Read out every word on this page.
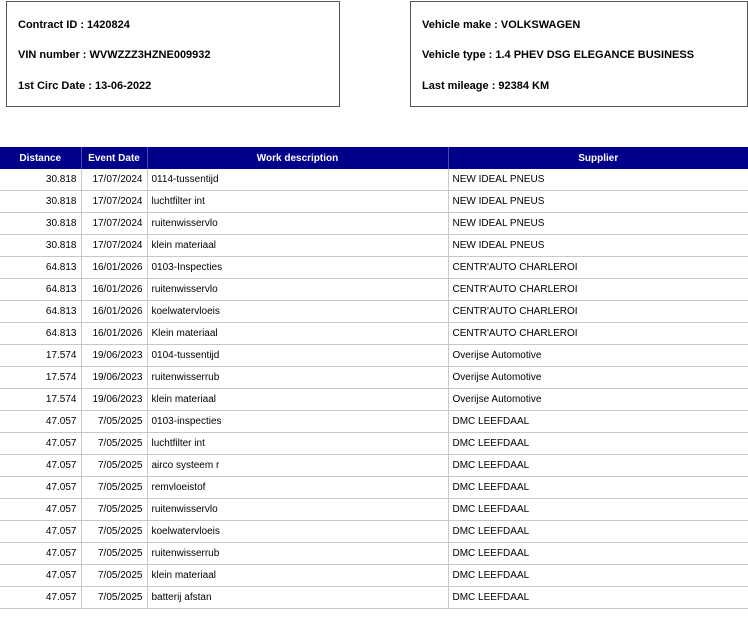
Contract ID : 1420824
VIN number : WVWZZZ3HZNE009932
1st Circ Date : 13-06-2022
Vehicle make : VOLKSWAGEN
Vehicle type : 1.4 PHEV DSG ELEGANCE BUSINESS
Last mileage : 92384 KM
Distance	Event Date	Work description	Supplier
30.818	17/07/2024	0114-tussentijd	NEW IDEAL PNEUS
30.818	17/07/2024	luchtfilter int	NEW IDEAL PNEUS
30.818	17/07/2024	ruitenwisservlo	NEW IDEAL PNEUS
30.818	17/07/2024	klein materiaal	NEW IDEAL PNEUS
64.813	16/01/2026	0103-Inspecties	CENTR'AUTO CHARLEROI
64.813	16/01/2026	ruitenwisservlo	CENTR'AUTO CHARLEROI
64.813	16/01/2026	koelwatervloeis	CENTR'AUTO CHARLEROI
64.813	16/01/2026	Klein materiaal	CENTR'AUTO CHARLEROI
17.574	19/06/2023	0104-tussentijd	Overijse Automotive
17.574	19/06/2023	ruitenwisserrub	Overijse Automotive
17.574	19/06/2023	klein materiaal	Overijse Automotive
47.057	7/05/2025	0103-inspecties	DMC LEEFDAAL
47.057	7/05/2025	luchtfilter int	DMC LEEFDAAL
47.057	7/05/2025	airco systeem r	DMC LEEFDAAL
47.057	7/05/2025	remvloeistof	DMC LEEFDAAL
47.057	7/05/2025	ruitenwisservlo	DMC LEEFDAAL
47.057	7/05/2025	koelwatervloeis	DMC LEEFDAAL
47.057	7/05/2025	ruitenwisserrub	DMC LEEFDAAL
47.057	7/05/2025	klein materiaal	DMC LEEFDAAL
47.057	7/05/2025	batterij afstan	DMC LEEFDAAL
